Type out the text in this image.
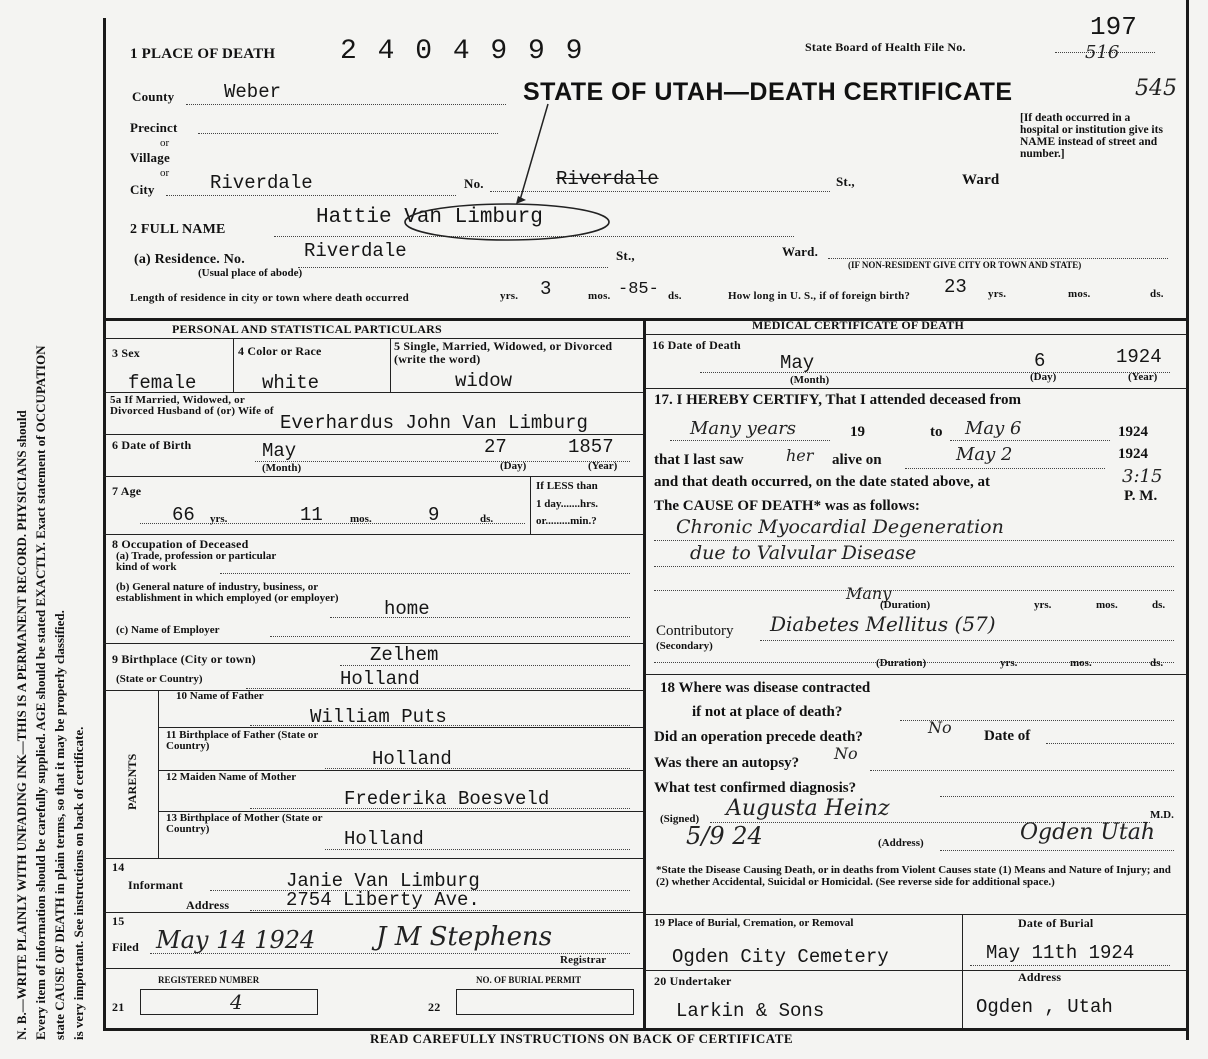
N. B.—WRITE PLAINLY WITH UNFADING INK—THIS IS A PERMANENT RECORD. PHYSICIANS should Every item of information should be carefully supplied. AGE should be stated EXACTLY. Exact statement of OCCUPATION state CAUSE OF DEATH in plain terms, so that it may be properly classified. is very important. See instructions on back of certificate.
1 PLACE OF DEATH 2 4 0 4 9 9 9	State Board of Health File No.
197
516
STATE OF UTAH—DEATH CERTIFICATE	545
County	Weber
Precinct
or
Village
or
City	Riverdale	No.	Riverdale	St.,	Ward
[If death occurred in a hospital or institution give its NAME instead of street and number.]
2 FULL NAME
Hattie Van Limburg
(a) Residence. No.	Riverdale
(Usual place of abode)
St.,	Ward.
(IF NON-RESIDENT GIVE CITY OR TOWN AND STATE)
Length of residence in city or town where death occurred	yrs. 3	mos. -85- ds.	How long in U. S., if of foreign birth? 23 yrs.	mos.	ds.
PERSONAL AND STATISTICAL PARTICULARS
3 Sex
female
4 Color or Race
white
5 Single, Married, Widowed, or Divorced (write the word)
widow
5a If Married, Widowed, or Divorced Husband of (or) Wife of
Everhardus John Van Limburg
6 Date of Birth	May	27	1857
(Month)	(Day)	(Year)
7 Age
66 yrs.	11 mos.	9	ds.
If LESS than
1 day.......hrs.
or.........min.?
8 Occupation of Deceased
(a) Trade, profession or particular kind of work
(b) General nature of industry, business, or establishment in which employed (or employer)	home
(c) Name of Employer
9 Birthplace (City or town)	Zelhem
(State or Country)	Holland
PARENTS
10 Name of Father
William Puts
11 Birthplace of Father (State or Country)
Holland
12 Maiden Name of Mother
Frederika Boesveld
13 Birthplace of Mother (State or Country)	Holland
14
Informant	Janie Van Limburg
Address	2754 Liberty Ave.
15
Filed May 14 1924 J M Stephens
Registrar
REGISTERED NUMBER
4
21
NO. OF BURIAL PERMIT
22
MEDICAL CERTIFICATE OF DEATH
16 Date of Death
May	6	1924
(Month)	(Day)	(Year)
17. I HEREBY CERTIFY, That I attended deceased from
Many years	19	to May 6	1924
that I last saw	her alive on	May 2	1924
and that death occurred, on the date stated above, at	3:15
P. M.
The CAUSE OF DEATH* was as follows:
Chronic Myocardial Degeneration
due to Valvular Disease
Many
(Duration)	yrs.	mos.	ds.
Contributory
(Secondary)
Diabetes Mellitus (57)
(Duration)	yrs.	mos.	ds.
18 Where was disease contracted
if not at place of death?
Did an operation precede death?	No Date of
Was there an autopsy? No
What test confirmed diagnosis?
(Signed) Augusta Heinz	M.D.
5/9 24	(Address)	Ogden Utah
*State the Disease Causing Death, or in deaths from Violent Causes state (1) Means and Nature of Injury; and (2) whether Accidental, Suicidal or Homicidal. (See reverse side for additional space.)
19 Place of Burial, Cremation, or Removal
Ogden City Cemetery
Date of Burial
May 11th 1924
20 Undertaker
Larkin & Sons
Address
Ogden , Utah
READ CAREFULLY INSTRUCTIONS ON BACK OF CERTIFICATE
